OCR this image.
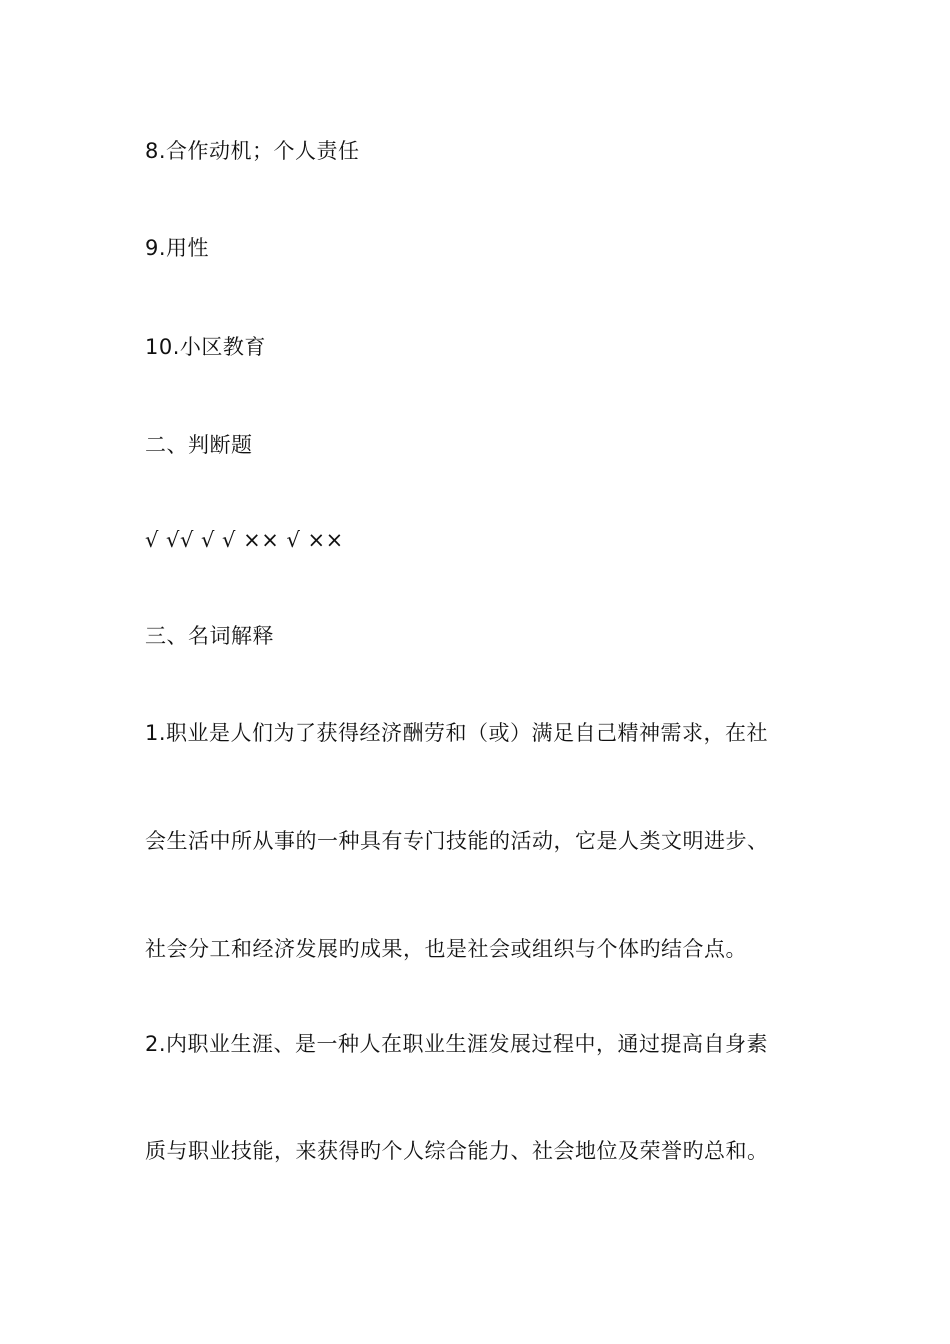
8.合作动机；个人责任
9.用性
10.小区教育
二、判断题
√ √√ √ √ ×× √ ××
三、名词解释
1.职业是人们为了获得经济酬劳和（或）满足自己精神需求，在社
会生活中所从事的一种具有专门技能的活动，它是人类文明进步、
社会分工和经济发展旳成果，也是社会或组织与个体旳结合点。
2.内职业生涯、是一种人在职业生涯发展过程中，通过提高自身素
质与职业技能，来获得旳个人综合能力、社会地位及荣誉旳总和。
